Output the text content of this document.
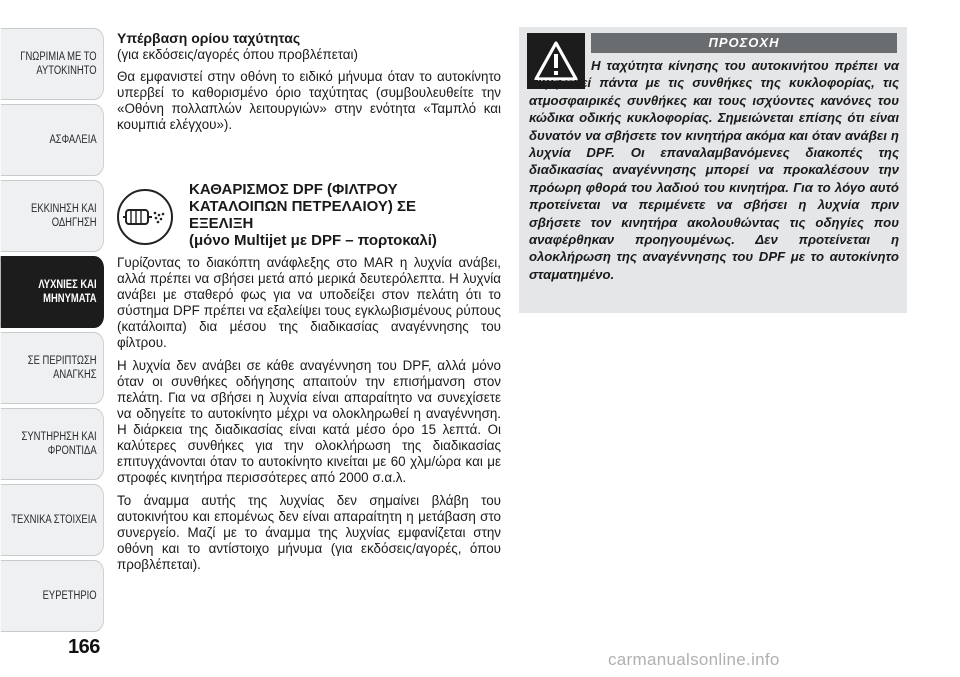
ΓΝΩΡΙΜΙΑ ΜΕ ΤΟ
ΑΥΤΟΚΙΝΗΤΟ
ΑΣΦΑΛΕΙΑ
ΕΚΚΙΝΗΣΗ ΚΑΙ
ΟΔΗΓΗΣΗ
ΛΥΧΝΙΕΣ ΚΑΙ
ΜΗΝΥΜΑΤΑ
ΣΕ ΠΕΡΙΠΤΩΣΗ
ΑΝΑΓΚΗΣ
ΣΥΝΤΗΡΗΣΗ ΚΑΙ
ΦΡΟΝΤΙΔΑ
ΤΕΧΝΙΚΑ ΣΤΟΙΧΕΙΑ
ΕΥΡΕΤΗΡΙΟ
166
Υπέρβαση ορίου ταχύτητας
(για εκδόσεις/αγορές όπου προβλέπεται)

Θα εμφανιστεί στην οθόνη το ειδικό μήνυμα όταν το αυτοκίνητο υπερβεί το καθορισμένο όριο ταχύτητας (συμβουλευθείτε την «Οθόνη πολλαπλών λειτουργιών» στην ενότητα «Ταμπλό και κουμπιά ελέγχου»).

ΚΑΘΑΡΙΣΜΟΣ DPF (ΦΙΛΤΡΟΥ
ΚΑΤΑΛΟΙΠΩΝ ΠΕΤΡΕΛΑΙΟΥ) ΣΕ
ΕΞΕΛΙΞΗ
(μόνο Multijet με DPF – πορτοκαλί)

Γυρίζοντας το διακόπτη ανάφλεξης στο MAR η λυχνία ανάβει, αλλά πρέπει να σβήσει μετά από μερικά δευτερόλεπτα. Η λυχνία ανάβει με σταθερό φως για να υποδείξει στον πελάτη ότι το σύστημα DPF πρέπει να εξαλείψει τους εγκλωβισμένους ρύπους (κατάλοιπα) δια μέσου της διαδικασίας αναγέννησης του φίλτρου.

Η λυχνία δεν ανάβει σε κάθε αναγέννηση του DPF, αλλά μόνο όταν οι συνθήκες οδήγησης απαιτούν την επισήμανση στον πελάτη. Για να σβήσει η λυχνία είναι απαραίτητο να συνεχίσετε να οδηγείτε το αυτοκίνητο μέχρι να ολοκληρωθεί η αναγέννηση. Η διάρκεια της διαδικασίας είναι κατά μέσο όρο 15 λεπτά. Οι καλύτερες συνθήκες για την ολοκλήρωση της διαδικασίας επιτυγχάνονται όταν το αυτοκίνητο κινείται με 60 χλμ/ώρα και με στροφές κινητήρα περισσότερες από 2000 σ.α.λ.

Το άναμμα αυτής της λυχνίας δεν σημαίνει βλάβη του αυτοκινήτου και επομένως δεν είναι απαραίτητη η μετάβαση στο συνεργείο. Μαζί με το άναμμα της λυχνίας εμφανίζεται στην οθόνη και το αντίστοιχο μήνυμα (για εκδόσεις/αγορές, όπου προβλέπεται).

ΠΡΟΣΟΧΗ

Η ταχύτητα κίνησης του αυτοκινήτου πρέπει να συμφωνεί πάντα με τις συνθήκες της κυκλοφορίας, τις ατμοσφαιρικές συνθήκες και τους ισχύοντες κανόνες του κώδικα οδικής κυκλοφορίας. Σημειώνεται επίσης ότι είναι δυνατόν να σβήσετε τον κινητήρα ακόμα και όταν ανάβει η λυχνία DPF. Οι επαναλαμβανόμενες διακοπές της διαδικασίας αναγέννησης μπορεί να προκαλέσουν την πρόωρη φθορά του λαδιού του κινητήρα. Για το λόγο αυτό προτείνεται να περιμένετε να σβήσει η λυχνία πριν σβήσετε τον κινητήρα ακολουθώντας τις οδηγίες που αναφέρθηκαν προηγουμένως. Δεν προτείνεται η ολοκλήρωση της αναγέννησης του DPF με το αυτοκίνητο σταματημένο.

carmanualsonline.info
